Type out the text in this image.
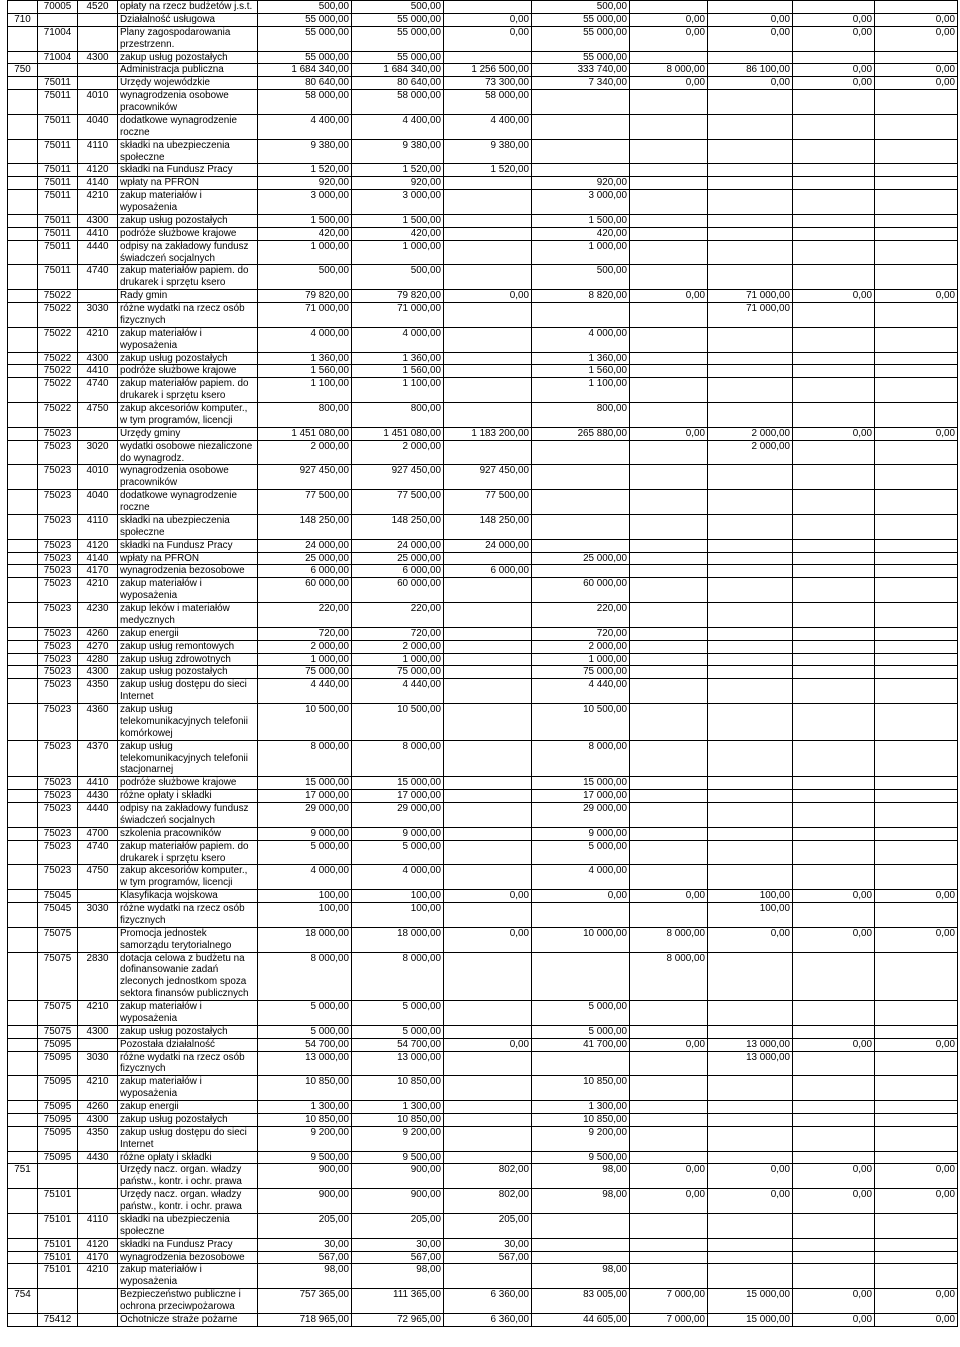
	70005	4520	opłaty na rzecz budżetów j.s.t.	500,00	500,00		500,00				
710			Działalność usługowa	55 000,00	55 000,00	0,00	55 000,00	0,00	0,00	0,00	0,00
	71004		Plany zagospodarowania przestrzenn.	55 000,00	55 000,00	0,00	55 000,00	0,00	0,00	0,00	0,00
	71004	4300	zakup usług pozostałych	55 000,00	55 000,00		55 000,00				
750			Administracja publiczna	1 684 340,00	1 684 340,00	1 256 500,00	333 740,00	8 000,00	86 100,00	0,00	0,00
	75011		Urzędy wojewódzkie	80 640,00	80 640,00	73 300,00	7 340,00	0,00	0,00	0,00	0,00
	75011	4010	wynagrodzenia osobowe pracowników	58 000,00	58 000,00	58 000,00					
	75011	4040	dodatkowe wynagrodzenie roczne	4 400,00	4 400,00	4 400,00					
	75011	4110	składki na ubezpieczenia społeczne	9 380,00	9 380,00	9 380,00					
	75011	4120	składki na Fundusz Pracy	1 520,00	1 520,00	1 520,00					
	75011	4140	wpłaty na PFRON	920,00	920,00		920,00				
	75011	4210	zakup materiałów i wyposażenia	3 000,00	3 000,00		3 000,00				
	75011	4300	zakup usług pozostałych	1 500,00	1 500,00		1 500,00				
	75011	4410	podróże służbowe krajowe	420,00	420,00		420,00				
	75011	4440	odpisy na zakładowy fundusz świadczeń socjalnych	1 000,00	1 000,00		1 000,00				
	75011	4740	zakup materiałów papiem. do drukarek i sprzętu ksero	500,00	500,00		500,00				
	75022		Rady gmin	79 820,00	79 820,00	0,00	8 820,00	0,00	71 000,00	0,00	0,00
	75022	3030	różne wydatki na rzecz osób fizycznych	71 000,00	71 000,00				71 000,00		
	75022	4210	zakup materiałów i wyposażenia	4 000,00	4 000,00		4 000,00				
	75022	4300	zakup usług pozostałych	1 360,00	1 360,00		1 360,00				
	75022	4410	podróże służbowe krajowe	1 560,00	1 560,00		1 560,00				
	75022	4740	zakup materiałów papiem. do drukarek i sprzętu ksero	1 100,00	1 100,00		1 100,00				
	75022	4750	zakup akcesoriów komputer., w tym programów, licencji	800,00	800,00		800,00				
	75023		Urzędy gminy	1 451 080,00	1 451 080,00	1 183 200,00	265 880,00	0,00	2 000,00	0,00	0,00
	75023	3020	wydatki osobowe niezaliczone do wynagrodz.	2 000,00	2 000,00				2 000,00		
	75023	4010	wynagrodzenia osobowe pracowników	927 450,00	927 450,00	927 450,00					
	75023	4040	dodatkowe wynagrodzenie roczne	77 500,00	77 500,00	77 500,00					
	75023	4110	składki na ubezpieczenia społeczne	148 250,00	148 250,00	148 250,00					
	75023	4120	składki na Fundusz Pracy	24 000,00	24 000,00	24 000,00					
	75023	4140	wpłaty na PFRON	25 000,00	25 000,00		25 000,00				
	75023	4170	wynagrodzenia bezosobowe	6 000,00	6 000,00	6 000,00					
	75023	4210	zakup materiałów i wyposażenia	60 000,00	60 000,00		60 000,00				
	75023	4230	zakup leków i materiałów medycznych	220,00	220,00		220,00				
	75023	4260	zakup energii	720,00	720,00		720,00				
	75023	4270	zakup usług remontowych	2 000,00	2 000,00		2 000,00				
	75023	4280	zakup usług zdrowotnych	1 000,00	1 000,00		1 000,00				
	75023	4300	zakup usług pozostałych	75 000,00	75 000,00		75 000,00				
	75023	4350	zakup usług dostępu do sieci Internet	4 440,00	4 440,00		4 440,00				
	75023	4360	zakup usług telekomunikacyjnych telefonii komórkowej	10 500,00	10 500,00		10 500,00				
	75023	4370	zakup usług telekomunikacyjnych telefonii stacjonarnej	8 000,00	8 000,00		8 000,00				
	75023	4410	podróże służbowe krajowe	15 000,00	15 000,00		15 000,00				
	75023	4430	różne opłaty i składki	17 000,00	17 000,00		17 000,00				
	75023	4440	odpisy na zakładowy fundusz świadczeń socjalnych	29 000,00	29 000,00		29 000,00				
	75023	4700	szkolenia pracowników	9 000,00	9 000,00		9 000,00				
	75023	4740	zakup materiałów papiem. do drukarek i sprzętu ksero	5 000,00	5 000,00		5 000,00				
	75023	4750	zakup akcesoriów komputer., w tym programów, licencji	4 000,00	4 000,00		4 000,00				
	75045		Klasyfikacja wojskowa	100,00	100,00	0,00	0,00	0,00	100,00	0,00	0,00
	75045	3030	różne wydatki na rzecz osób fizycznych	100,00	100,00				100,00		
	75075		Promocja jednostek samorządu terytorialnego	18 000,00	18 000,00	0,00	10 000,00	8 000,00	0,00	0,00	0,00
	75075	2830	dotacja celowa z budżetu na dofinansowanie zadań zleconych jednostkom spoza sektora finansów publicznych	8 000,00	8 000,00			8 000,00			
	75075	4210	zakup materiałów i wyposażenia	5 000,00	5 000,00		5 000,00				
	75075	4300	zakup usług pozostałych	5 000,00	5 000,00		5 000,00				
	75095		Pozostała działalność	54 700,00	54 700,00	0,00	41 700,00	0,00	13 000,00	0,00	0,00
	75095	3030	różne wydatki na rzecz osób fizycznych	13 000,00	13 000,00				13 000,00		
	75095	4210	zakup materiałów i wyposażenia	10 850,00	10 850,00		10 850,00				
	75095	4260	zakup energii	1 300,00	1 300,00		1 300,00				
	75095	4300	zakup usług pozostałych	10 850,00	10 850,00		10 850,00				
	75095	4350	zakup usług dostępu do sieci Internet	9 200,00	9 200,00		9 200,00				
	75095	4430	różne opłaty i składki	9 500,00	9 500,00		9 500,00				
751			Urzędy nacz. organ. władzy państw., kontr. i ochr. prawa	900,00	900,00	802,00	98,00	0,00	0,00	0,00	0,00
	75101		Urzędy nacz. organ. władzy państw., kontr. i ochr. prawa	900,00	900,00	802,00	98,00	0,00	0,00	0,00	0,00
	75101	4110	składki na ubezpieczenia społeczne	205,00	205,00	205,00					
	75101	4120	składki na Fundusz Pracy	30,00	30,00	30,00					
	75101	4170	wynagrodzenia bezosobowe	567,00	567,00	567,00					
	75101	4210	zakup materiałów i wyposażenia	98,00	98,00		98,00				
754			Bezpieczeństwo publiczne i ochrona przeciwpożarowa	757 365,00	111 365,00	6 360,00	83 005,00	7 000,00	15 000,00	0,00	0,00
	75412		Ochotnicze straże pożarne	718 965,00	72 965,00	6 360,00	44 605,00	7 000,00	15 000,00	0,00	0,00
